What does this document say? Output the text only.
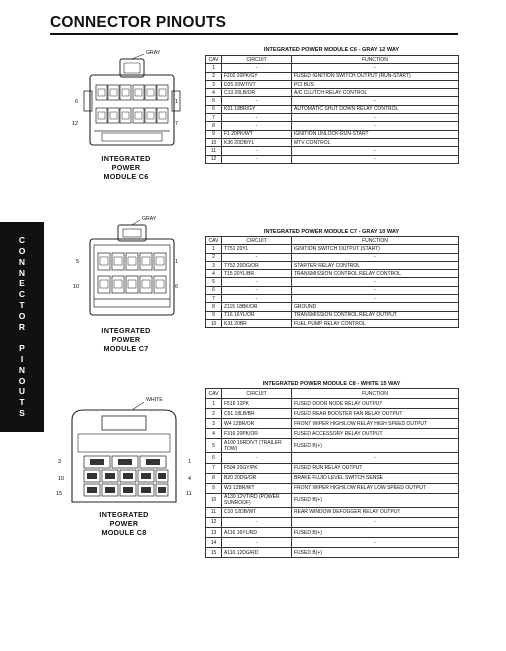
CONNECTOR PINOUTS
C
O
N
N
E
C
T
O
R

P
I
N
O
U
T
S
GRAY
6	1
12	7
INTEGRATED
POWER
MODULE C6
INTEGRATED POWER MODULE C6 - GRAY 12 WAY
CAV	CIRCUIT	FUNCTION
1	-	-
2	F202 20PK/GY	FUSED IGNITION SWITCH OUTPUT (RUN-START)
3	D25 20WT/VT	PCI BUS
4	C13 20LB/OR	A/C CLUTCH RELAY CONTROL
5	-	-
6	K51 18BR/GY	AUTOMATIC SHUT DOWN RELAY CONTROL
7	-	-
8	-	-
9	F1 20PK/WT	IGNITION UNLOCK-RUN-START
10	K36 20DB/YL	MTV CONTROL
11	-	-
12	-	-
GRAY
5	1
10	6
INTEGRATED
POWER
MODULE C7
INTEGRATED POWER MODULE C7 - GRAY 10 WAY
CAV	CIRCUIT	FUNCTION
1	T751 20YL	IGNITION SWITCH OUTPUT (START)
2	-	-
3	T752 20DG/OR	STARTER RELAY CONTROL
4	T15 20YL/BR	TRANSMISSION CONTROL RELAY CONTROL
5	-	-
6	-	-
7	-	-
8	Z115 18BK/OR	GROUND
9	T16 16YL/OR	TRANSMISSION CONTROL RELAY OUTPUT
10	K31 20BR	FUEL PUMP RELAY CONTROL
WHITE
3	1
10	4
15	11
INTEGRATED
POWER
MODULE C8
INTEGRATED POWER MODULE C8 - WHITE 15 WAY
CAV	CIRCUIT	FUNCTION
1	F516 12PK	FUSED DOOR NODE RELAY OUTPUT
2	C51 18LB/BR	FUSED REAR BOOSTER FAN RELAY OUTPUT
3	W4 12BR/OR	FRONT WIPER HIGH/LOW RELAY HIGH SPEED OUTPUT
4	F316 20PK/OR	FUSED ACCESSORY RELAY OUTPUT
5	A100 16RD/VT (TRAILER TOW)	FUSED B(+)
6	-	-
7	F504 20GY/PK	FUSED RUN RELAY OUTPUT
8	B20 20DG/OR	BRAKE FLUID LEVEL SWITCH SENSE
9	W3 12BR/WT	FRONT WIPER HIGH/LOW RELAY LOW SPEED OUTPUT
10	A130 12VT/RD (POWER SUNROOF)	FUSED B(+)
11	C10 12DB/WT	REAR WINDOW DEFOGGER RELAY OUTPUT
12	-	-
13	A116 16YL/RD	FUSED B(+)
14	-	-
15	A110 12DG/RD	FUSED B(+)
